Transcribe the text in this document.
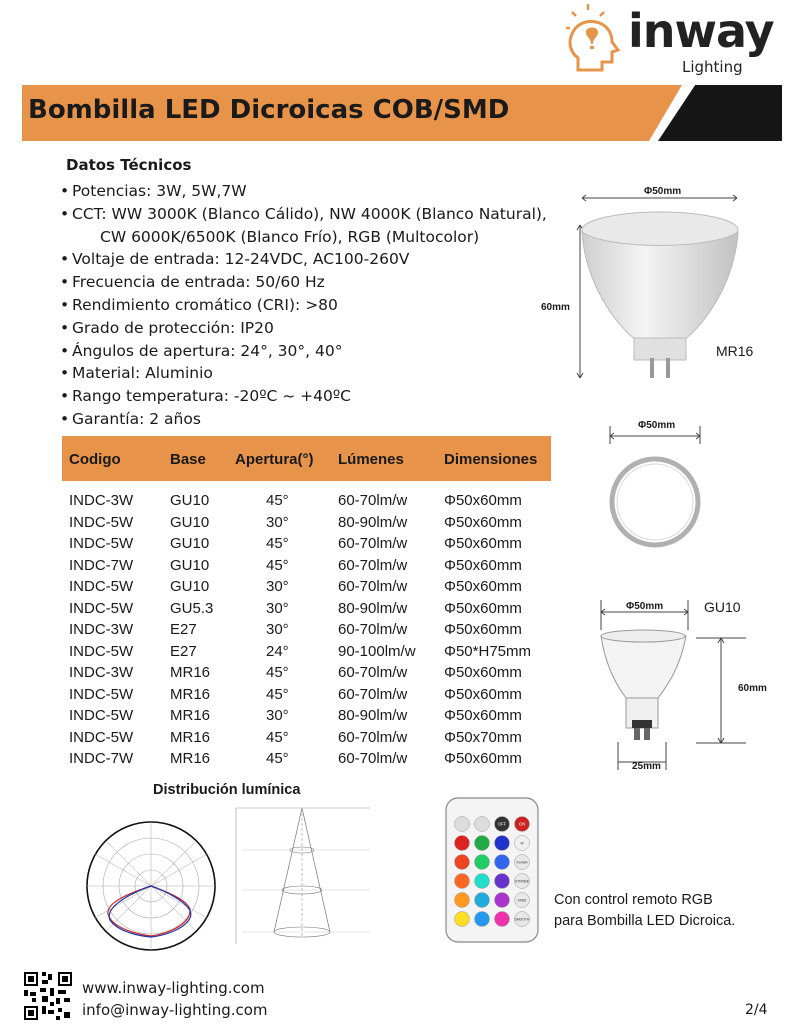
inway
Lighting
Bombilla LED Dicroicas COB/SMD
Datos Técnicos
• Potencias: 3W, 5W,7W
• CCT: WW 3000K (Blanco Cálido), NW 4000K (Blanco Natural),
CW 6000K/6500K (Blanco Frío), RGB (Multocolor)
• Voltaje de entrada: 12-24VDC, AC100-260V
• Frecuencia de entrada: 50/60 Hz
• Rendimiento cromático (CRI): >80
• Grado de protección: IP20
• Ángulos de apertura: 24°, 30°, 40°
• Material: Aluminio
• Rango temperatura: -20ºC ~ +40ºC
• Garantía: 2 años
Codigo	Base Apertura(°) Lúmenes	Dimensiones
INDC-3W GU10	45°	60-70lm/w Φ50x60mm
INDC-5W GU10	30°	80-90lm/w Φ50x60mm
INDC-5W GU10	45°	60-70lm/w Φ50x60mm
INDC-7W GU10	45°	60-70lm/w Φ50x60mm
INDC-5W GU10	30°	60-70lm/w Φ50x60mm
INDC-5W GU5.3	30°	80-90lm/w Φ50x60mm
INDC-3W E27	30°	60-70lm/w Φ50x60mm
INDC-5W E27	24°	90-100lm/w Φ50*H75mm
INDC-3W MR16	45°	60-70lm/w Φ50x60mm
INDC-5W MR16	45°	60-70lm/w Φ50x60mm
INDC-5W MR16	30°	80-90lm/w Φ50x60mm
INDC-5W MR16	45°	60-70lm/w Φ50x70mm
INDC-7W MR16	45°	60-70lm/w Φ50x60mm
Φ50mm
60mm
MR16
Φ50mm
Φ50mm	GU10
60mm
25mm
Distribución lumínica
OFF	ON
W
FLASH
STROBE
FADE
SMOOTH
Con control remoto RGB
para Bombilla LED Dicroica.
www.inway-lighting.com
info@inway-lighting.com	2/4
